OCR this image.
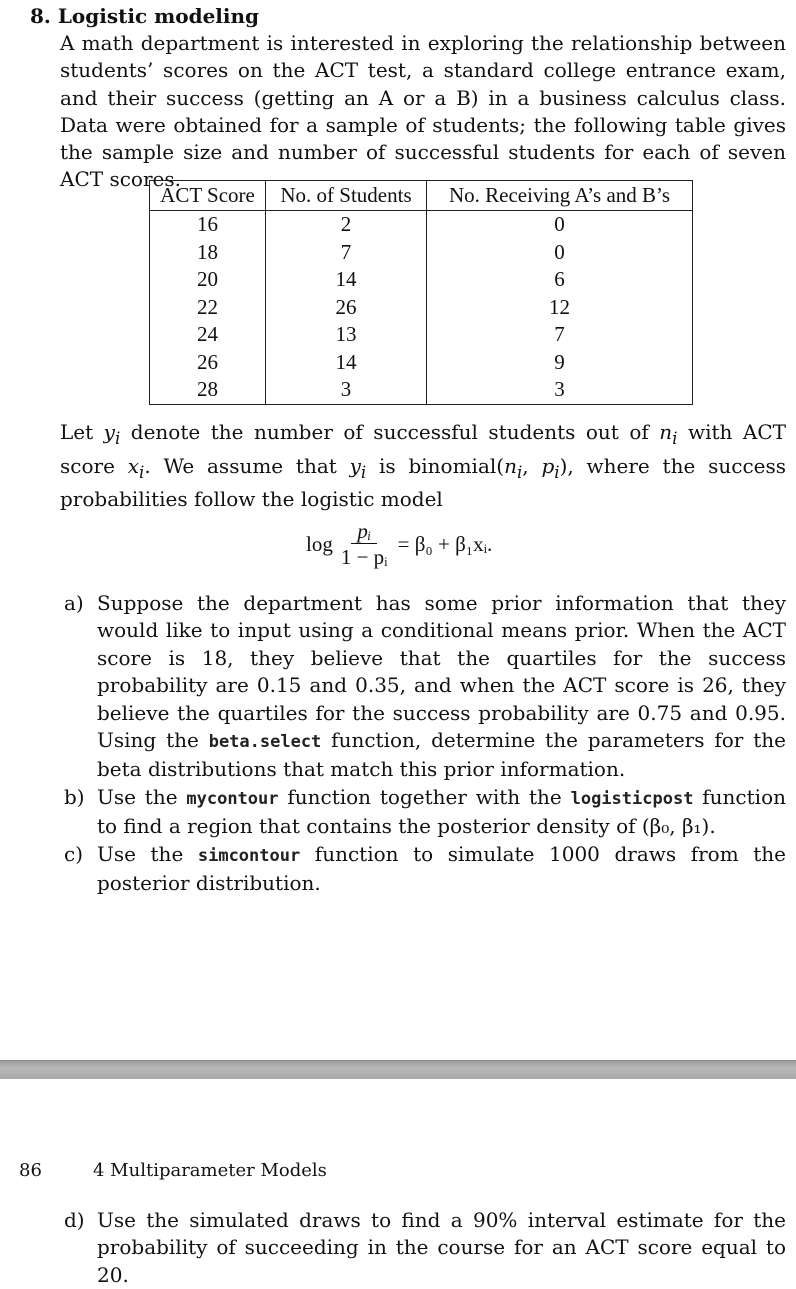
8. Logistic modeling
A math department is interested in exploring the relationship between students’ scores on the ACT test, a standard college entrance exam, and their success (getting an A or a B) in a business calculus class. Data were obtained for a sample of students; the following table gives the sample size and number of successful students for each of seven ACT scores.
ACT Score	No. of Students	No. Receiving A’s and B’s
16	2	0
18	7	0
20	14	6
22	26	12
24	13	7
26	14	9
28	3	3
Let $y_i$ denote the number of successful students out of $n_i$ with ACT score $x_i$. We assume that $y_i$ is $binomial(n_i$, $p_i$), where the success probabilities follow the logistic model
$\log \frac{\text{pᵢ}}{\text{1 − pᵢ}} = \beta_0$ + β₁xᵢ.
a) Suppose the department has some prior information that they would like to input using a conditional means prior. When the ACT score is 18, they believe that the quartiles for the success probability are 0.15 and 0.35, and when the ACT score is 26, they believe the quartiles for the success probability are 0.75 and 0.95. Using the beta.select function, determine the parameters for the beta distributions that match this prior information.
b) Use the mycontour function together with the logisticpost function to find a region that contains the posterior density of (β₀, β₁).
c) Use the simcontour function to simulate 1000 draws from the posterior distribution.
86	4 Multiparameter Models
d) Use the simulated draws to find a 90% interval estimate for the probability of succeeding in the course for an ACT score equal to 20.
